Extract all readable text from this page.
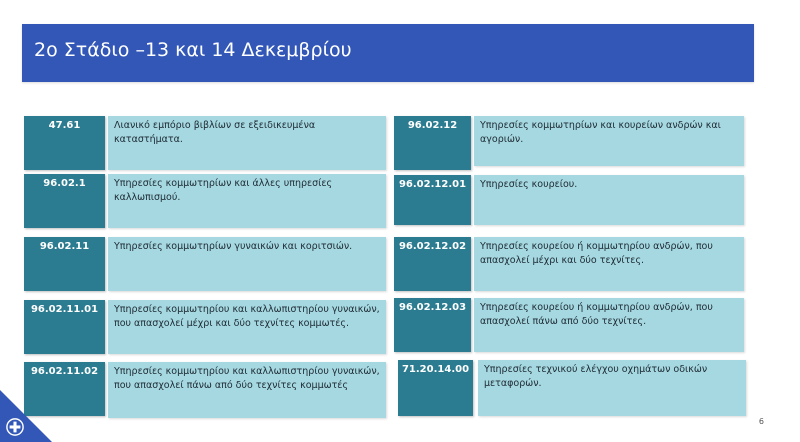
2ο Στάδιο –13 και 14 Δεκεμβρίου
47.61	Λιανικό εμπόριο βιβλίων σε εξειδικευμένα καταστήματα.
96.02.1	Υπηρεσίες κομμωτηρίων και άλλες υπηρεσίες καλλωπισμού.
96.02.11	Υπηρεσίες κομμωτηρίων γυναικών και κοριτσιών.
96.02.11.01	Υπηρεσίες κομμωτηρίου και καλλωπιστηρίου γυναικών, που απασχολεί μέχρι και δύο τεχνίτες κομμωτές.
96.02.11.02	Υπηρεσίες κομμωτηρίου και καλλωπιστηρίου γυναικών, που απασχολεί πάνω από δύο τεχνίτες κομμωτές
96.02.12	Υπηρεσίες κομμωτηρίων και κουρείων ανδρών και αγοριών.
96.02.12.01	Υπηρεσίες κουρείου.
96.02.12.02	Υπηρεσίες κουρείου ή κομμωτηρίου ανδρών, που απασχολεί μέχρι και δύο τεχνίτες.
96.02.12.03	Υπηρεσίες κουρείου ή κομμωτηρίου ανδρών, που απασχολεί πάνω από δύο τεχνίτες.
71.20.14.00	Υπηρεσίες τεχνικού ελέγχου οχημάτων οδικών μεταφορών.
6
